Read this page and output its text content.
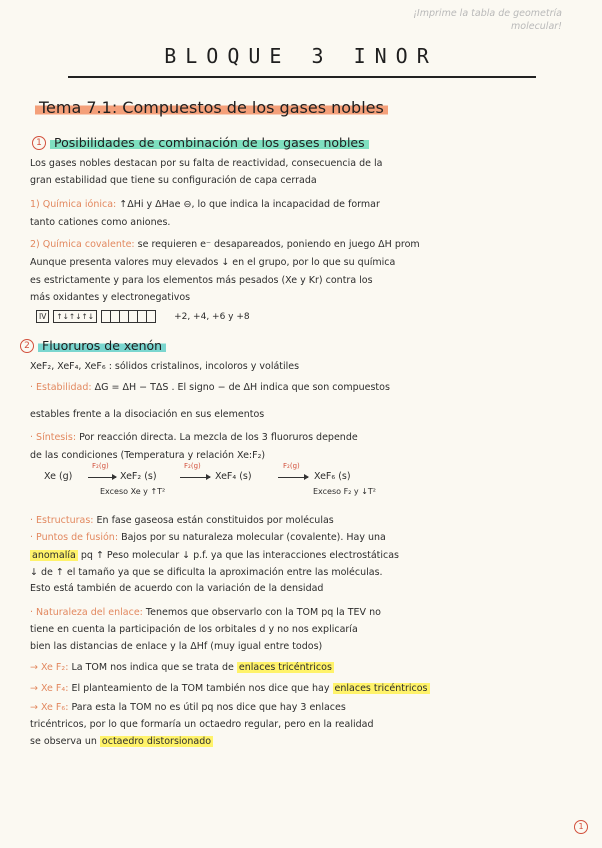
¡Imprime la tabla de geometría molecular!
BLOQUE 3 INOR
Tema 7.1: Compuestos de los gases nobles
1 Posibilidades de combinación de los gases nobles
Los gases nobles destacan por su falta de reactividad, consecuencia de la
gran estabilidad que tiene su configuración de capa cerrada
1) Química iónica: ↑ΔHi y ΔHae ⊖, lo que indica la incapacidad de formar
tanto cationes como aniones.
2) Química covalente: se requieren e⁻ desapareados, poniendo en juego ΔH prom
Aunque presenta valores muy elevados ↓ en el grupo, por lo que su química
es estrictamente y para los elementos más pesados (Xe y Kr) contra los
más oxidantes y electronegativos
IV	↑↓↑↓↑↓	+2, +4, +6 y +8
2 Fluoruros de xenón
XeF₂, XeF₄, XeF₆ : sólidos cristalinos, incoloros y volátiles
· Estabilidad: ΔG = ΔH − TΔS . El signo − de ΔH indica que son compuestos
estables frente a la disociación en sus elementos
· Síntesis: Por reacción directa. La mezcla de los 3 fluoruros depende
de las condiciones (Temperatura y relación Xe:F₂)
Xe (g)
F₂(g)
→ XeF₂ (s)
F₂(g)
→ XeF₄ (s)
F₂(g)
→ XeF₆ (s)
Exceso Xe y ↑T²	Exceso F₂ y ↓T²
· Estructuras: En fase gaseosa están constituidos por moléculas
· Puntos de fusión: Bajos por su naturaleza molecular (covalente). Hay una
anomalía pq ↑ Peso molecular ↓ p.f. ya que las interacciones electrostáticas
↓ de ↑ el tamaño ya que se dificulta la aproximación entre las moléculas.
Esto está también de acuerdo con la variación de la densidad
· Naturaleza del enlace: Tenemos que observarlo con la TOM pq la TEV no
tiene en cuenta la participación de los orbitales d y no nos explicaría
bien las distancias de enlace y la ΔHf (muy igual entre todos)
→ Xe F₂: La TOM nos indica que se trata de enlaces tricéntricos
→ Xe F₄: El planteamiento de la TOM también nos dice que hay enlaces tricéntricos
→ Xe F₆: Para esta la TOM no es útil pq nos dice que hay 3 enlaces
tricéntricos, por lo que formaría un octaedro regular, pero en la realidad
se observa un octaedro distorsionado
1
